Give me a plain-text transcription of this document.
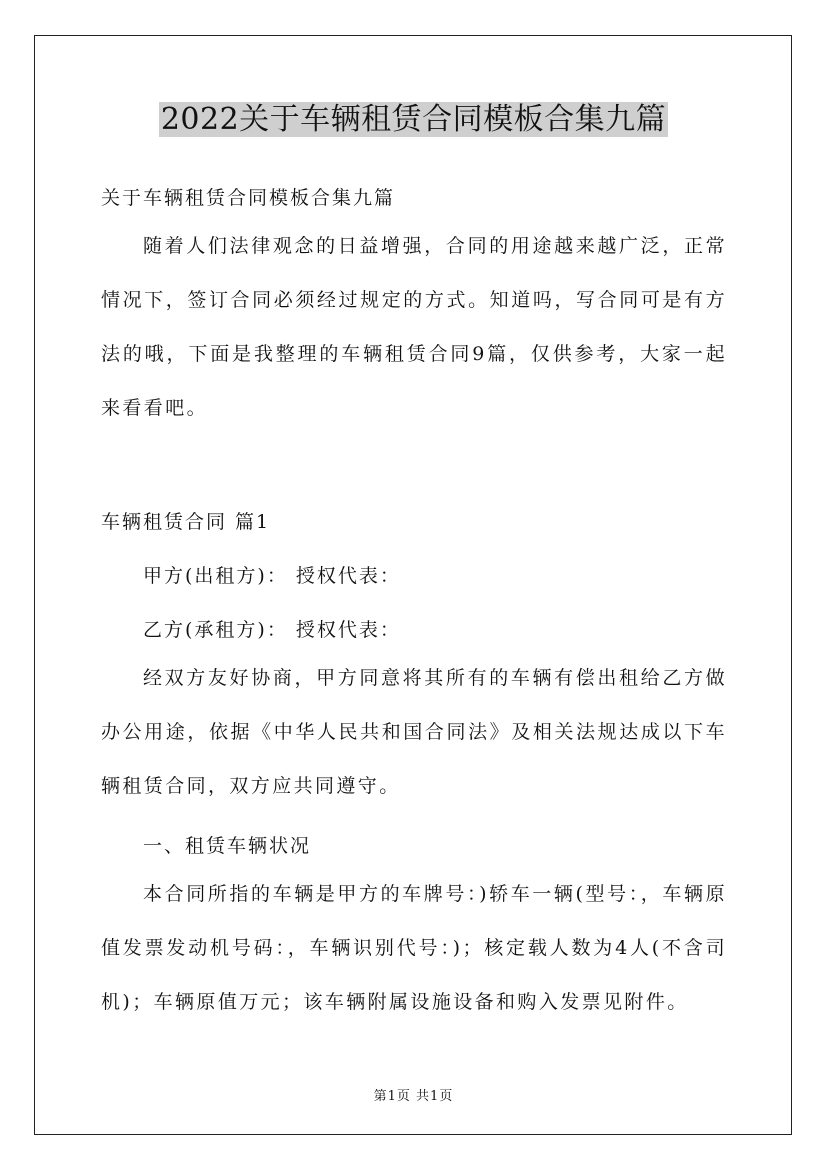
2022关于车辆租赁合同模板合集九篇
关于车辆租赁合同模板合集九篇

随着人们法律观念的日益增强，合同的用途越来越广泛，正常情况下，签订合同必须经过规定的方式。知道吗，写合同可是有方法的哦，下面是我整理的车辆租赁合同9篇，仅供参考，大家一起来看看吧。

车辆租赁合同 篇1
甲方(出租方)： 授权代表：
乙方(承租方)： 授权代表：

经双方友好协商，甲方同意将其所有的车辆有偿出租给乙方做办公用途，依据《中华人民共和国合同法》及相关法规达成以下车辆租赁合同，双方应共同遵守。

一、租赁车辆状况

本合同所指的车辆是甲方的车牌号：)轿车一辆(型号：，车辆原值发票发动机号码：，车辆识别代号：)；核定载人数为4人(不含司机)；车辆原值万元；该车辆附属设施设备和购入发票见附件。

第1页 共1页
